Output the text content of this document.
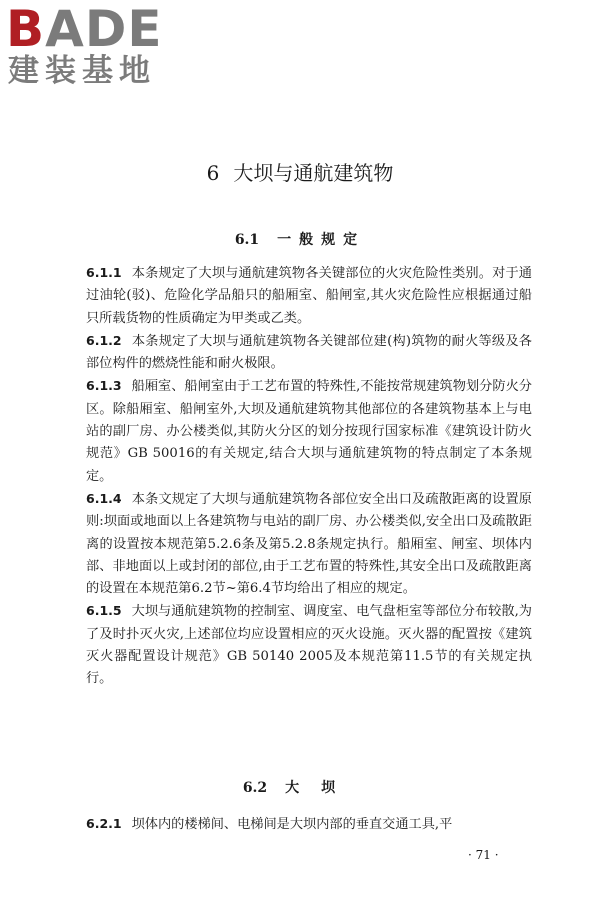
BADE
建装基地
6 大坝与通航建筑物
6.1 一般规定

6.1.1 本条规定了大坝与通航建筑物各关键部位的火灾危险性类别。对于通过油轮(驳)、危险化学品船只的船厢室、船闸室,其火灾危险性应根据通过船只所载货物的性质确定为甲类或乙类。

6.1.2 本条规定了大坝与通航建筑物各关键部位建(构)筑物的耐火等级及各部位构件的燃烧性能和耐火极限。

6.1.3 船厢室、船闸室由于工艺布置的特殊性,不能按常规建筑物划分防火分区。除船厢室、船闸室外,大坝及通航建筑物其他部位的各建筑物基本上与电站的副厂房、办公楼类似,其防火分区的划分按现行国家标准《建筑设计防火规范》GB 50016的有关规定,结合大坝与通航建筑物的特点制定了本条规定。

6.1.4 本条文规定了大坝与通航建筑物各部位安全出口及疏散距离的设置原则:坝面或地面以上各建筑物与电站的副厂房、办公楼类似,安全出口及疏散距离的设置按本规范第5.2.6条及第5.2.8条规定执行。船厢室、闸室、坝体内部、非地面以上或封闭的部位,由于工艺布置的特殊性,其安全出口及疏散距离的设置在本规范第6.2节~第6.4节均给出了相应的规定。

6.1.5 大坝与通航建筑物的控制室、调度室、电气盘柜室等部位分布较散,为了及时扑灭火灾,上述部位均应设置相应的灭火设施。灭火器的配置按《建筑灭火器配置设计规范》GB 50140 2005及本规范第11.5节的有关规定执行。

6.2 大坝

6.2.1 坝体内的楼梯间、电梯间是大坝内部的垂直交通工具,平

· 71 ·
